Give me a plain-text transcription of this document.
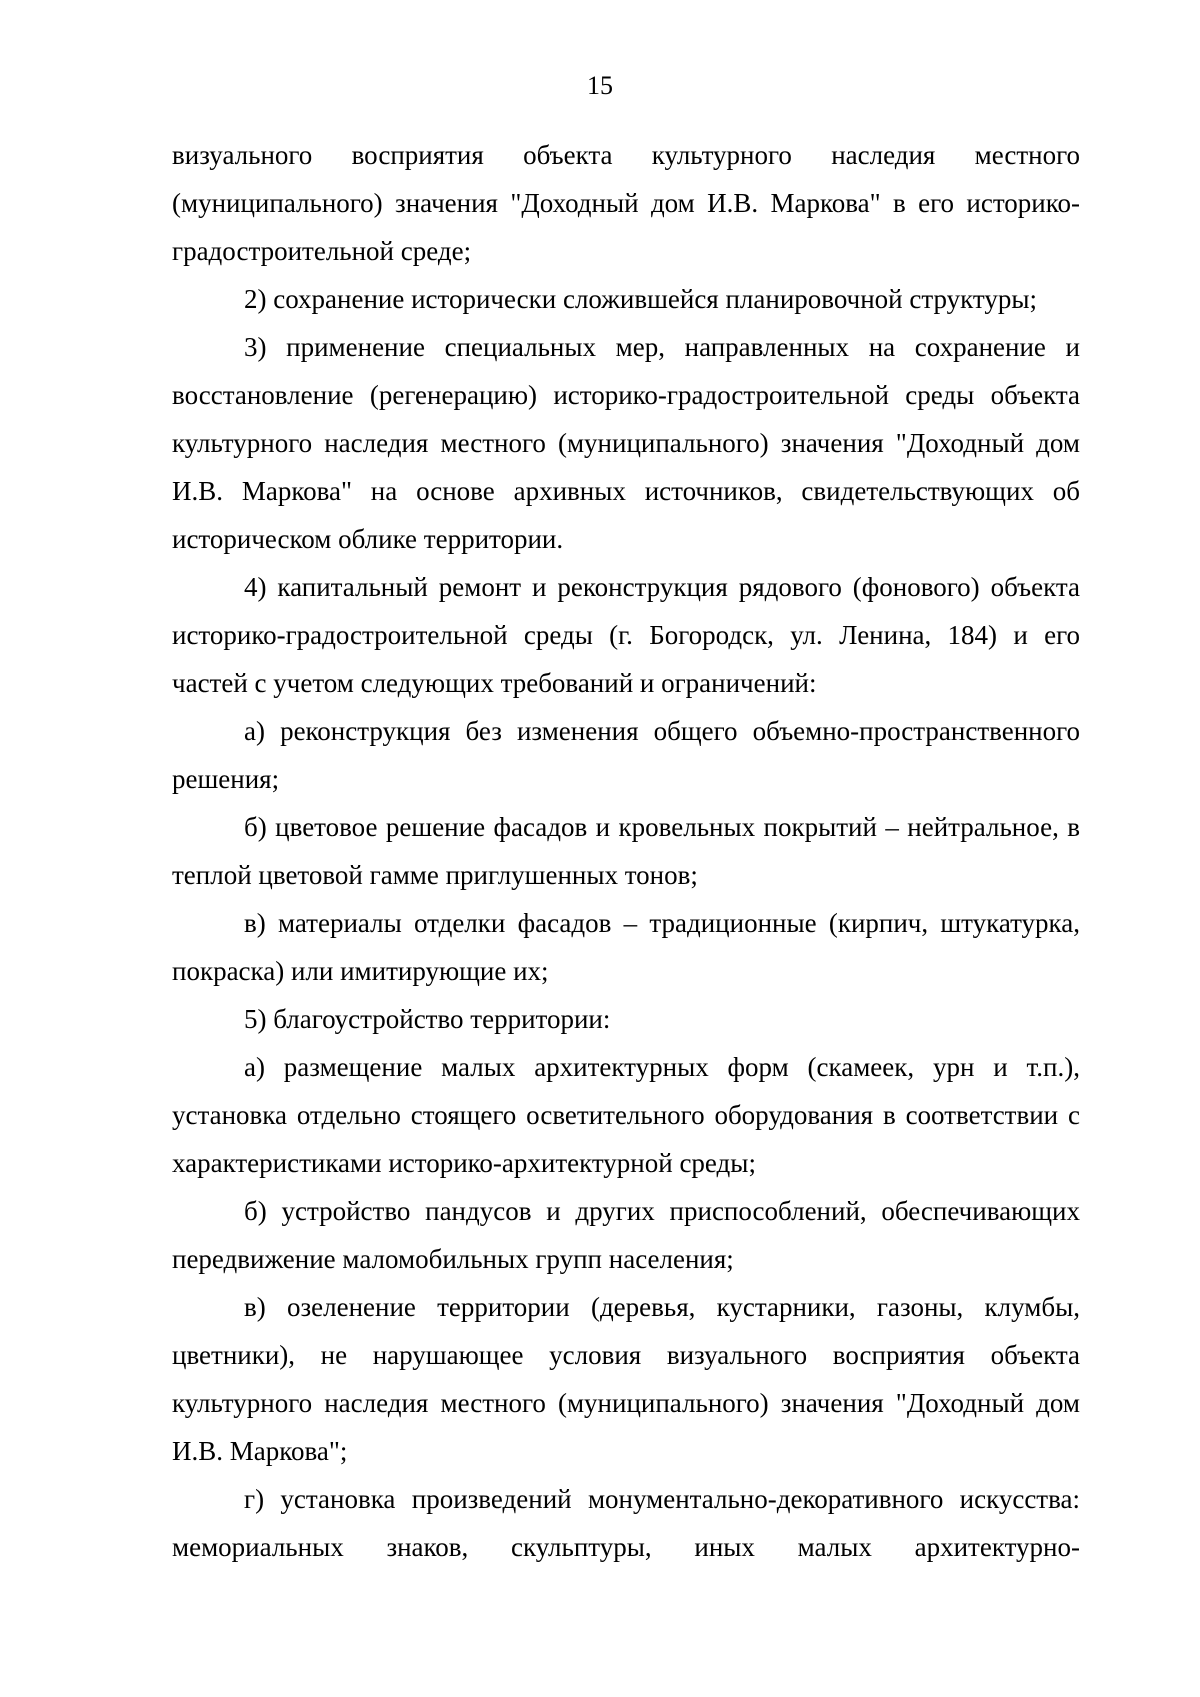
15

визуального восприятия объекта культурного наследия местного (муниципального) значения "Доходный дом И.В. Маркова" в его историко-градостроительной среде;

2) сохранение исторически сложившейся планировочной структуры;

3) применение специальных мер, направленных на сохранение и восстановление (регенерацию) историко-градостроительной среды объекта культурного наследия местного (муниципального) значения "Доходный дом И.В. Маркова" на основе архивных источников, свидетельствующих об историческом облике территории.

4) капитальный ремонт и реконструкция рядового (фонового) объекта историко-градостроительной среды (г. Богородск, ул. Ленина, 184) и его частей с учетом следующих требований и ограничений:

а) реконструкция без изменения общего объемно-пространственного решения;

б) цветовое решение фасадов и кровельных покрытий – нейтральное, в теплой цветовой гамме приглушенных тонов;

в) материалы отделки фасадов – традиционные (кирпич, штукатурка, покраска) или имитирующие их;

5) благоустройство территории:

а) размещение малых архитектурных форм (скамеек, урн и т.п.), установка отдельно стоящего осветительного оборудования в соответствии с характеристиками историко-архитектурной среды;

б) устройство пандусов и других приспособлений, обеспечивающих передвижение маломобильных групп населения;

в) озеленение территории (деревья, кустарники, газоны, клумбы, цветники), не нарушающее условия визуального восприятия объекта культурного наследия местного (муниципального) значения "Доходный дом И.В. Маркова";

г) установка произведений монументально-декоративного искусства: мемориальных знаков, скульптуры, иных малых архитектурно-
